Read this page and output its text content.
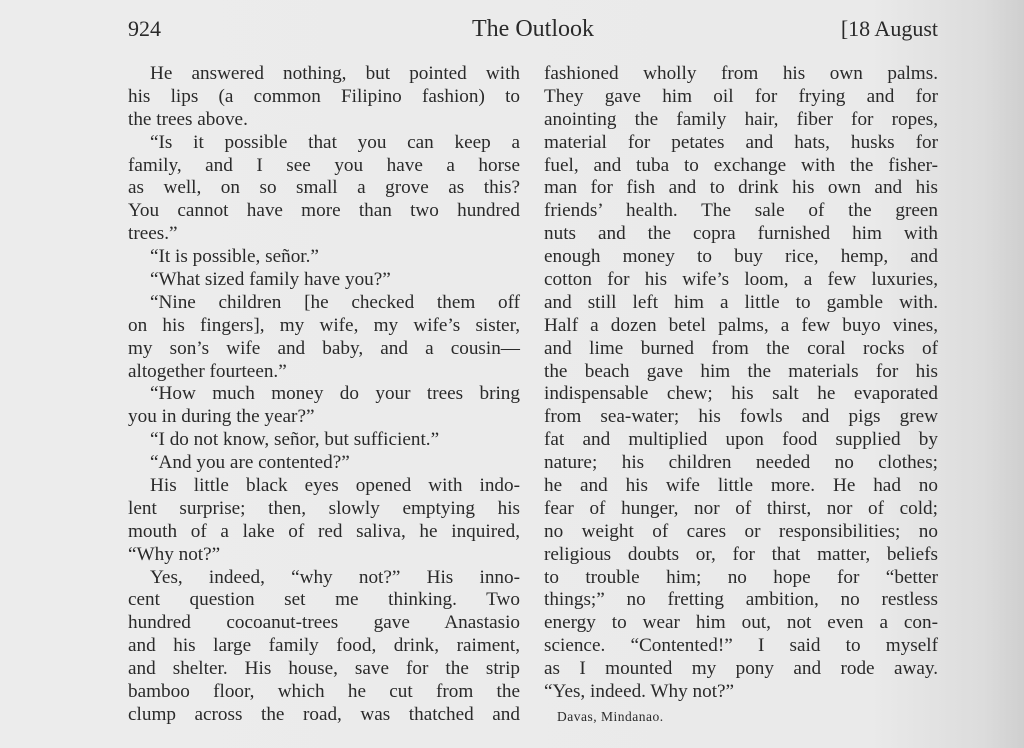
924	The Outlook	[18 August
He answered nothing, but pointed with
his lips (a common Filipino fashion) to
the trees above.
“Is it possible that you can keep a
family, and I see you have a horse
as well, on so small a grove as this?
You cannot have more than two hundred
trees.”
“It is possible, señor.”
“What sized family have you?”
“Nine children [he checked them off
on his fingers], my wife, my wife’s sister,
my son’s wife and baby, and a cousin—
altogether fourteen.”
“How much money do your trees bring
you in during the year?”
“I do not know, señor, but sufficient.”
“And you are contented?”
His little black eyes opened with indo-
lent surprise; then, slowly emptying his
mouth of a lake of red saliva, he inquired,
“Why not?”
Yes, indeed, “why not?” His inno-
cent question set me thinking. Two
hundred cocoanut-trees gave Anastasio
and his large family food, drink, raiment,
and shelter. His house, save for the strip
bamboo floor, which he cut from the
clump across the road, was thatched and
fashioned wholly from his own palms.
They gave him oil for frying and for
anointing the family hair, fiber for ropes,
material for petates and hats, husks for
fuel, and tuba to exchange with the fisher-
man for fish and to drink his own and his
friends’ health. The sale of the green
nuts and the copra furnished him with
enough money to buy rice, hemp, and
cotton for his wife’s loom, a few luxuries,
and still left him a little to gamble with.
Half a dozen betel palms, a few buyo vines,
and lime burned from the coral rocks of
the beach gave him the materials for his
indispensable chew; his salt he evaporated
from sea-water; his fowls and pigs grew
fat and multiplied upon food supplied by
nature; his children needed no clothes;
he and his wife little more. He had no
fear of hunger, nor of thirst, nor of cold;
no weight of cares or responsibilities; no
religious doubts or, for that matter, beliefs
to trouble him; no hope for “better
things;” no fretting ambition, no restless
energy to wear him out, not even a con-
science. “Contented!” I said to myself
as I mounted my pony and rode away.
“Yes, indeed. Why not?”
Davas, Mindanao.
